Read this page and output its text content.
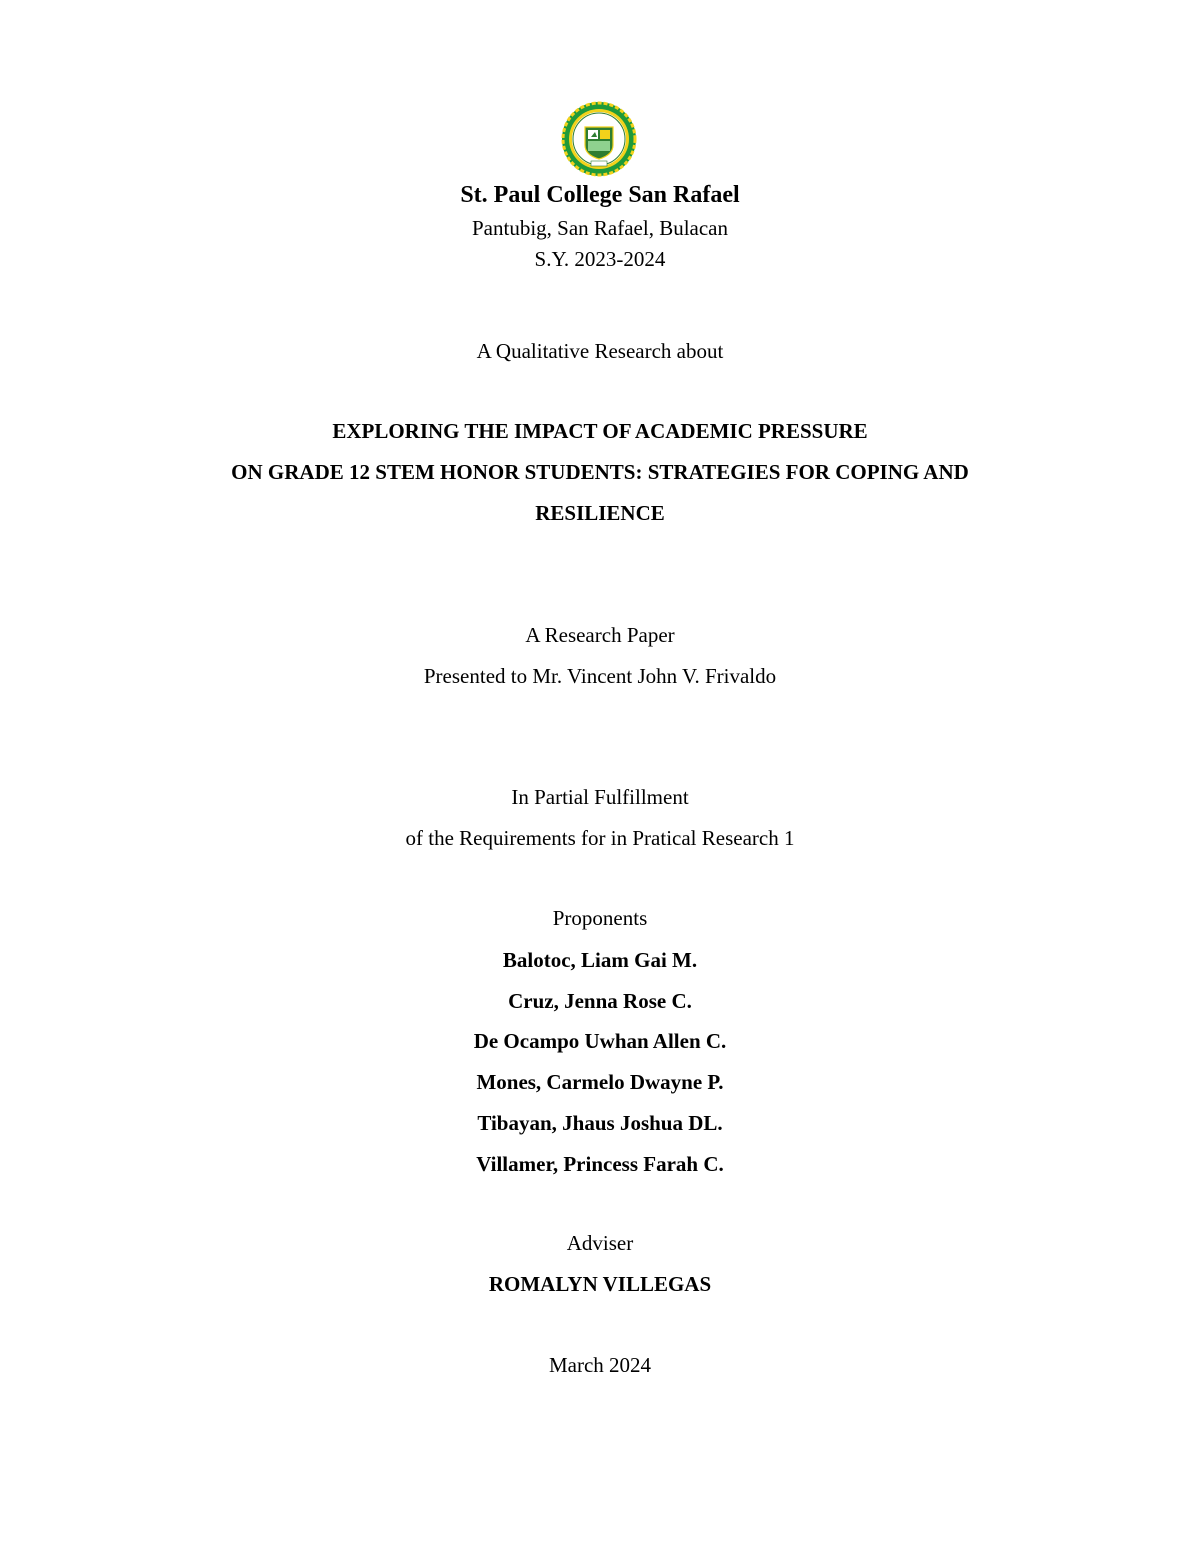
St. Paul College San Rafael
Pantubig, San Rafael, Bulacan
S.Y. 2023-2024
A Qualitative Research about
EXPLORING THE IMPACT OF ACADEMIC PRESSURE
ON GRADE 12 STEM HONOR STUDENTS: STRATEGIES FOR COPING AND
RESILIENCE
A Research Paper
Presented to Mr. Vincent John V. Frivaldo
In Partial Fulfillment
of the Requirements for in Pratical Research 1
Proponents
Balotoc, Liam Gai M.
Cruz, Jenna Rose C.
De Ocampo Uwhan Allen C.
Mones, Carmelo Dwayne P.
Tibayan, Jhaus Joshua DL.
Villamer, Princess Farah C.
Adviser
ROMALYN VILLEGAS
March 2024
